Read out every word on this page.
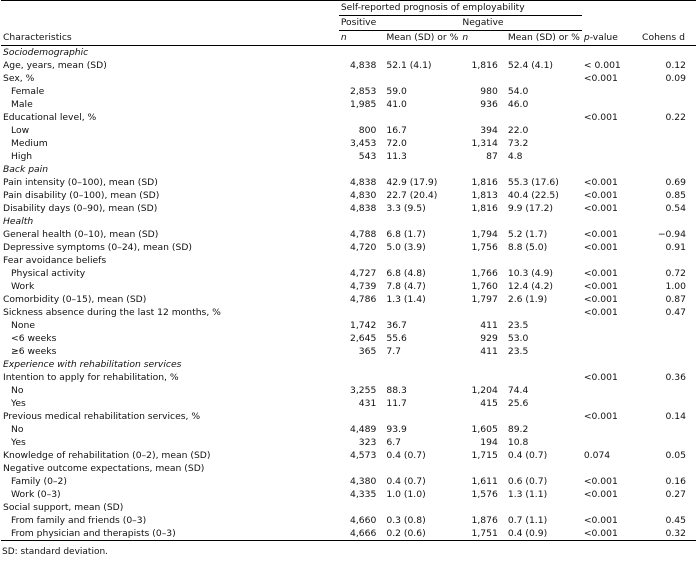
	Self-reported prognosis of employability					
	Positive		Negative			
Characteristics	n	Mean (SD) or %	n	Mean (SD) or %	p-value	Cohens d
Sociodemographic						
Age, years, mean (SD)	4,838	52.1 (4.1)	1,816	52.4 (4.1)	< 0.001	0.12
Sex, %					<0.001	0.09
Female	2,853	59.0	980	54.0		
Male	1,985	41.0	936	46.0		
Educational level, %					<0.001	0.22
Low	800	16.7	394	22.0		
Medium	3,453	72.0	1,314	73.2		
High	543	11.3	87	4.8		
Back pain						
Pain intensity (0–100), mean (SD)	4,838	42.9 (17.9)	1,816	55.3 (17.6)	<0.001	0.69
Pain disability (0–100), mean (SD)	4,830	22.7 (20.4)	1,813	40.4 (22.5)	<0.001	0.85
Disability days (0–90), mean (SD)	4,838	3.3 (9.5)	1,816	9.9 (17.2)	<0.001	0.54
Health						
General health (0–10), mean (SD)	4,788	6.8 (1.7)	1,794	5.2 (1.7)	<0.001	−0.94
Depressive symptoms (0–24), mean (SD)	4,720	5.0 (3.9)	1,756	8.8 (5.0)	<0.001	0.91
Fear avoidance beliefs						
Physical activity	4,727	6.8 (4.8)	1,766	10.3 (4.9)	<0.001	0.72
Work	4,739	7.8 (4.7)	1,760	12.4 (4.2)	<0.001	1.00
Comorbidity (0–15), mean (SD)	4,786	1.3 (1.4)	1,797	2.6 (1.9)	<0.001	0.87
Sickness absence during the last 12 months, %					<0.001	0.47
None	1,742	36.7	411	23.5		
<6 weeks	2,645	55.6	929	53.0		
≥6 weeks	365	7.7	411	23.5		
Experience with rehabilitation services						
Intention to apply for rehabilitation, %					<0.001	0.36
No	3,255	88.3	1,204	74.4		
Yes	431	11.7	415	25.6		
Previous medical rehabilitation services, %					<0.001	0.14
No	4,489	93.9	1,605	89.2		
Yes	323	6.7	194	10.8		
Knowledge of rehabilitation (0–2), mean (SD)	4,573	0.4 (0.7)	1,715	0.4 (0.7)	0.074	0.05
Negative outcome expectations, mean (SD)						
Family (0–2)	4,380	0.4 (0.7)	1,611	0.6 (0.7)	<0.001	0.16
Work (0–3)	4,335	1.0 (1.0)	1,576	1.3 (1.1)	<0.001	0.27
Social support, mean (SD)						
From family and friends (0–3)	4,660	0.3 (0.8)	1,876	0.7 (1.1)	<0.001	0.45
From physician and therapists (0–3)	4,666	0.2 (0.6)	1,751	0.4 (0.9)	<0.001	0.32
SD: standard deviation.
